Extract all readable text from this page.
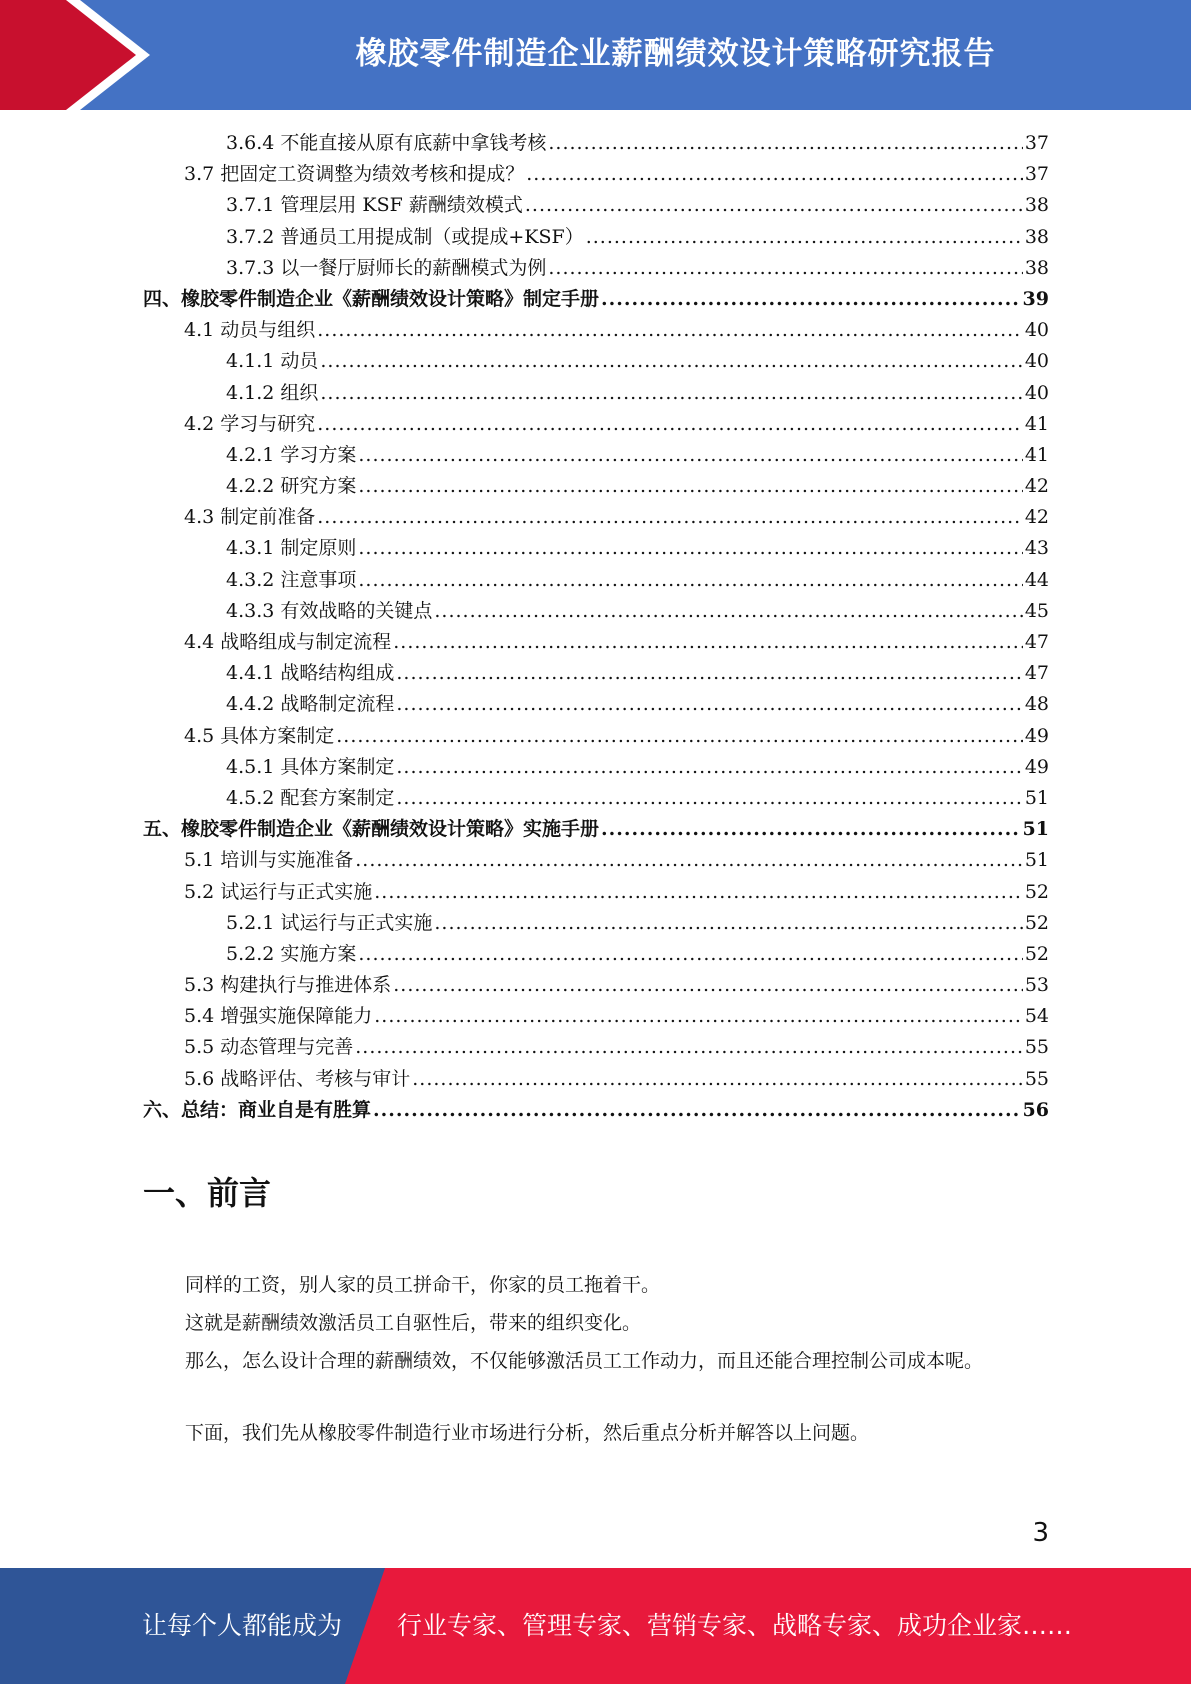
橡胶零件制造企业薪酬绩效设计策略研究报告
3.6.4 不能直接从原有底薪中拿钱考核 .....	37
3.7 把固定工资调整为绩效考核和提成？ .....	37
3.7.1 管理层用 KSF 薪酬绩效模式 .....	38
3.7.2 普通员工用提成制（或提成+KSF） .....	38
3.7.3 以一餐厅厨师长的薪酬模式为例 .....	38
四、橡胶零件制造企业《薪酬绩效设计策略》制定手册 .....	39
4.1 动员与组织 .....	40
4.1.1 动员 .....	40
4.1.2 组织 .....	40
4.2 学习与研究 .....	41
4.2.1 学习方案 .....	41
4.2.2 研究方案 .....	42
4.3 制定前准备 .....	42
4.3.1 制定原则 .....	43
4.3.2 注意事项 .....	44
4.3.3 有效战略的关键点 .....	45
4.4 战略组成与制定流程 .....	47
4.4.1 战略结构组成 .....	47
4.4.2 战略制定流程 .....	48
4.5 具体方案制定 .....	49
4.5.1 具体方案制定 .....	49
4.5.2 配套方案制定 .....	51
五、橡胶零件制造企业《薪酬绩效设计策略》实施手册 .....	51
5.1 培训与实施准备 .....	51
5.2 试运行与正式实施 .....	52
5.2.1 试运行与正式实施 .....	52
5.2.2 实施方案 .....	52
5.3 构建执行与推进体系 .....	53
5.4 增强实施保障能力 .....	54
5.5 动态管理与完善 .....	55
5.6 战略评估、考核与审计 .....	55
六、总结：商业自是有胜算 .....	56
一、前言

同样的工资，别人家的员工拼命干，你家的员工拖着干。

这就是薪酬绩效激活员工自驱性后，带来的组织变化。

那么，怎么设计合理的薪酬绩效，不仅能够激活员工工作动力，而且还能合理控制公司成本呢。

下面，我们先从橡胶零件制造行业市场进行分析，然后重点分析并解答以上问题。

3
让每个人都能成为 行业专家、管理专家、营销专家、战略专家、成功企业家……
